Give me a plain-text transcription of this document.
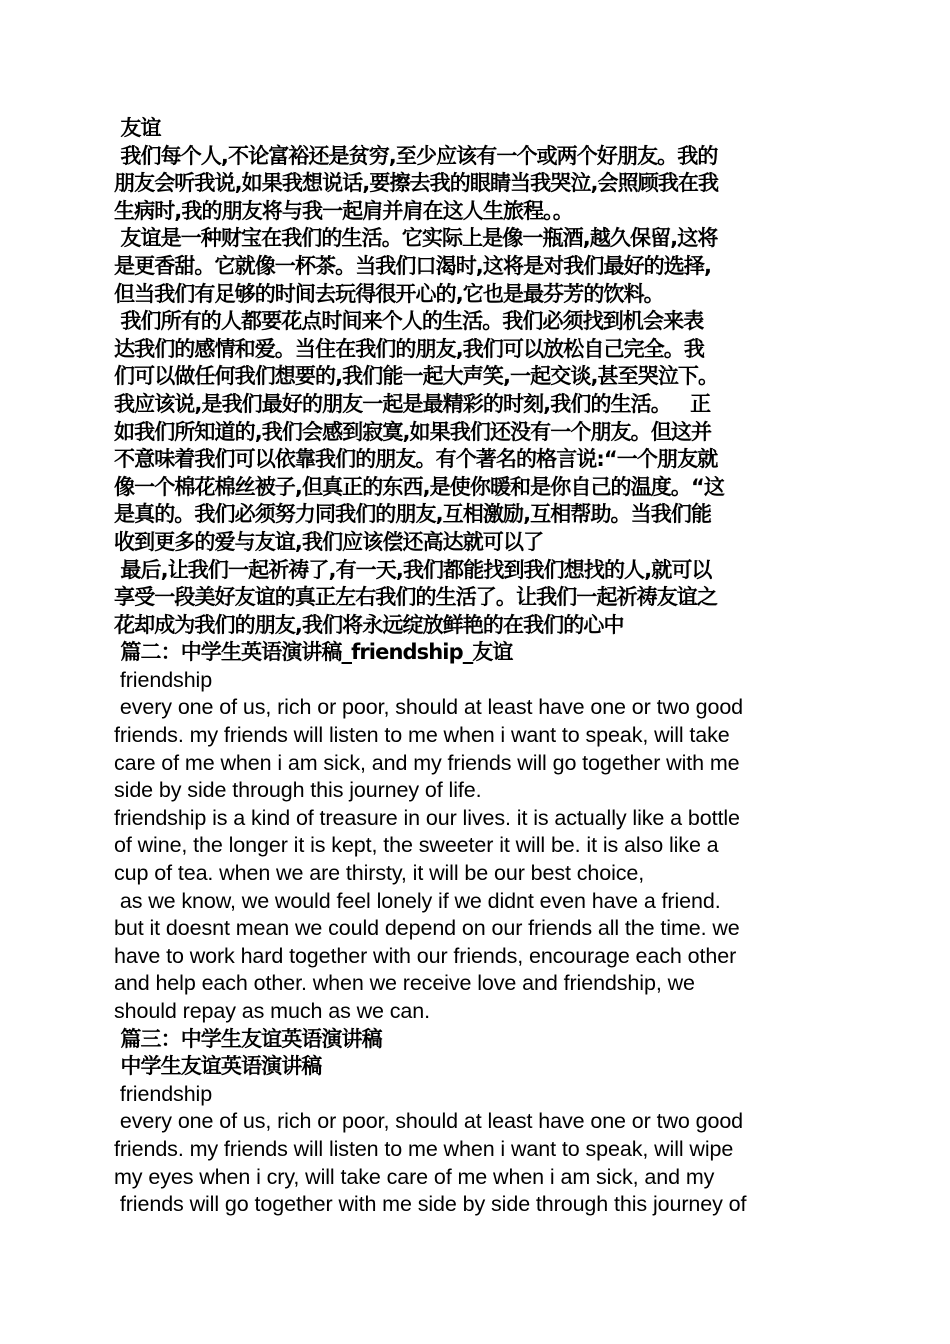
友谊
我们每个人,不论富裕还是贫穷,至少应该有一个或两个好朋友。我的
朋友会听我说,如果我想说话,要擦去我的眼睛当我哭泣,会照顾我在我
生病时,我的朋友将与我一起肩并肩在这人生旅程。。
友谊是一种财宝在我们的生活。它实际上是像一瓶酒,越久保留,这将
是更香甜。它就像一杯茶。当我们口渴时,这将是对我们最好的选择,
但当我们有足够的时间去玩得很开心的,它也是最芬芳的饮料。
我们所有的人都要花点时间来个人的生活。我们必须找到机会来表
达我们的感情和爱。当住在我们的朋友,我们可以放松自己完全。我
们可以做任何我们想要的,我们能一起大声笑,一起交谈,甚至哭泣下。
我应该说,是我们最好的朋友一起是最精彩的时刻,我们的生活。   正
如我们所知道的,我们会感到寂寞,如果我们还没有一个朋友。但这并
不意味着我们可以依靠我们的朋友。有个著名的格言说:“一个朋友就
像一个棉花棉丝被子,但真正的东西,是使你暖和是你自己的温度。“这
是真的。我们必须努力同我们的朋友,互相激励,互相帮助。当我们能
收到更多的爱与友谊,我们应该偿还高达就可以了
最后,让我们一起祈祷了,有一天,我们都能找到我们想找的人,就可以
享受一段美好友谊的真正左右我们的生活了。让我们一起祈祷友谊之
花却成为我们的朋友,我们将永远绽放鲜艳的在我们的心中
篇二：中学生英语演讲稿_friendship_友谊
friendship
every one of us, rich or poor, should at least have one or two good
friends. my friends will listen to me when i want to speak, will take
care of me when i am sick, and my friends will go together with me
side by side through this journey of life.
friendship is a kind of treasure in our lives. it is actually like a bottle
of wine, the longer it is kept, the sweeter it will be. it is also like a
cup of tea. when we are thirsty, it will be our best choice,
as we know, we would feel lonely if we didnt even have a friend.
but it doesnt mean we could depend on our friends all the time. we
have to work hard together with our friends, encourage each other
and help each other. when we receive love and friendship, we
should repay as much as we can.
篇三：中学生友谊英语演讲稿
中学生友谊英语演讲稿
friendship
every one of us, rich or poor, should at least have one or two good
friends. my friends will listen to me when i want to speak, will wipe
my eyes when i cry, will take care of me when i am sick, and my
friends will go together with me side by side through this journey of
